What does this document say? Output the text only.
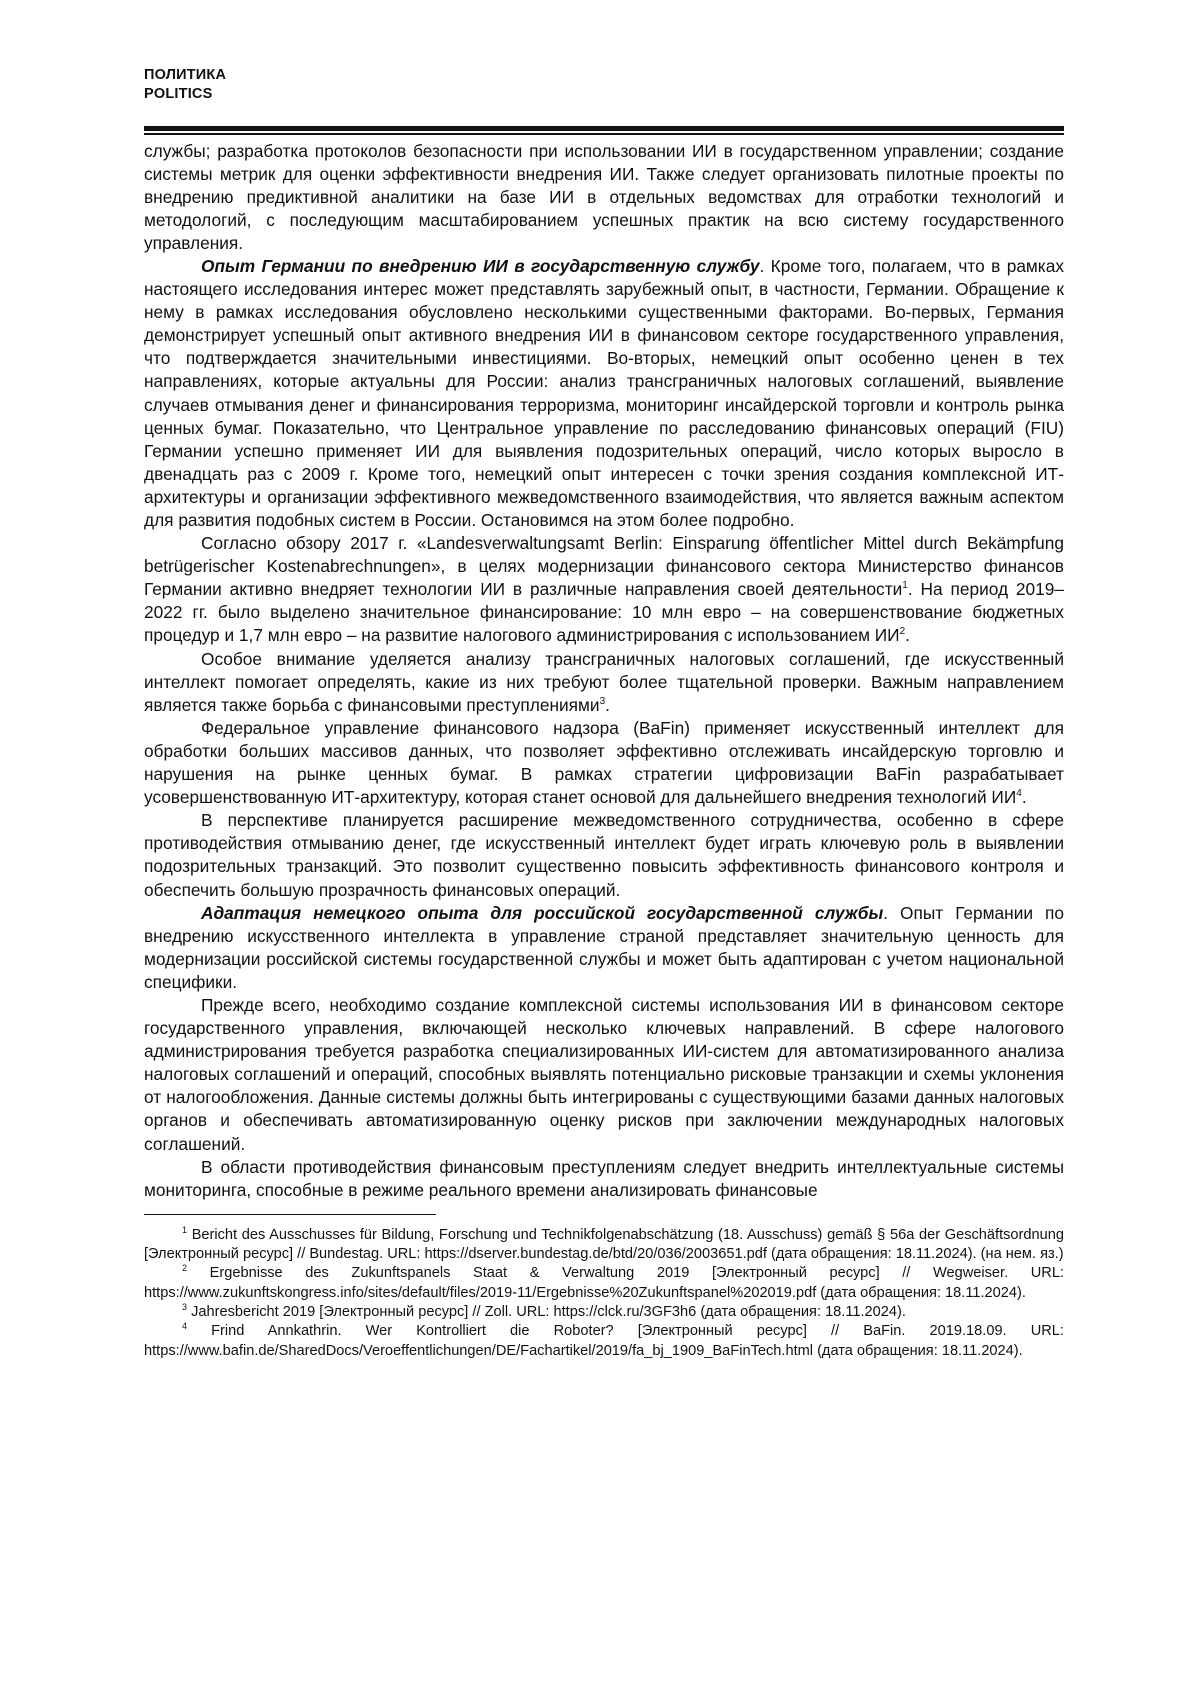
ПОЛИТИКА
POLITICS

службы; разработка протоколов безопасности при использовании ИИ в государственном управлении; создание системы метрик для оценки эффективности внедрения ИИ. Также следует организовать пилотные проекты по внедрению предиктивной аналитики на базе ИИ в отдельных ведомствах для отработки технологий и методологий, с последующим масштабированием успешных практик на всю систему государственного управления.

Опыт Германии по внедрению ИИ в государственную службу. Кроме того, полагаем, что в рамках настоящего исследования интерес может представлять зарубежный опыт, в частности, Германии. Обращение к нему в рамках исследования обусловлено несколькими существенными факторами. Во-первых, Германия демонстрирует успешный опыт активного внедрения ИИ в финансовом секторе государственного управления, что подтверждается значительными инвестициями. Во-вторых, немецкий опыт особенно ценен в тех направлениях, которые актуальны для России: анализ трансграничных налоговых соглашений, выявление случаев отмывания денег и финансирования терроризма, мониторинг инсайдерской торговли и контроль рынка ценных бумаг. Показательно, что Центральное управление по расследованию финансовых операций (FIU) Германии успешно применяет ИИ для выявления подозрительных операций, число которых выросло в двенадцать раз с 2009 г. Кроме того, немецкий опыт интересен с точки зрения создания комплексной ИТ-архитектуры и организации эффективного межведомственного взаимодействия, что является важным аспектом для развития подобных систем в России. Остановимся на этом более подробно.

Согласно обзору 2017 г. «Landesverwaltungsamt Berlin: Einsparung öffentlicher Mittel durch Bekämpfung betrügerischer Kostenabrechnungen», в целях модернизации финансового сектора Министерство финансов Германии активно внедряет технологии ИИ в различные направления своей деятельности$^1$. На период 2019–2022 гг. было выделено значительное финансирование: 10 млн евро – на совершенствование бюджетных процедур и 1,7 млн евро – на развитие налогового администрирования с использованием $ИИ^2$.

Особое внимание уделяется анализу трансграничных налоговых соглашений, где искусственный интеллект помогает определять, какие из них требуют более тщательной проверки. Важным направлением является также борьба с финансовыми преступлениями$^3$.

Федеральное управление финансового надзора (BaFin) применяет искусственный интеллект для обработки больших массивов данных, что позволяет эффективно отслеживать инсайдерскую торговлю и нарушения на рынке ценных бумаг. В рамках стратегии цифровизации BaFin разрабатывает усовершенствованную ИТ-архитектуру, которая станет основой для дальнейшего внедрения технологий $ИИ^4$.

В перспективе планируется расширение межведомственного сотрудничества, особенно в сфере противодействия отмыванию денег, где искусственный интеллект будет играть ключевую роль в выявлении подозрительных транзакций. Это позволит существенно повысить эффективность финансового контроля и обеспечить большую прозрачность финансовых операций.

Адаптация немецкого опыта для российской государственной службы. Опыт Германии по внедрению искусственного интеллекта в управление страной представляет значительную ценность для модернизации российской системы государственной службы и может быть адаптирован с учетом национальной специфики.

Прежде всего, необходимо создание комплексной системы использования ИИ в финансовом секторе государственного управления, включающей несколько ключевых направлений. В сфере налогового администрирования требуется разработка специализированных ИИ-систем для автоматизированного анализа налоговых соглашений и операций, способных выявлять потенциально рисковые транзакции и схемы уклонения от налогообложения. Данные системы должны быть интегрированы с существующими базами данных налоговых органов и обеспечивать автоматизированную оценку рисков при заключении международных налоговых соглашений.

В области противодействия финансовым преступлениям следует внедрить интеллектуальные системы мониторинга, способные в режиме реального времени анализировать финансовые

$^1$ Bericht des Ausschusses für Bildung, Forschung und Technikfolgenabschätzung (18. Ausschuss) gemäß § 56a der Geschäftsordnung [Электронный ресурс] // Bundestag. URL: https://dserver.bundestag.de/btd/20/036/2003651.pdf (дата обращения: 18.11.2024). (на нем. яз.)

$^2$ Ergebnisse des Zukunftspanels Staat & Verwaltung 2019 [Электронный ресурс] // Wegweiser. URL: https://www.zukunftskongress.info/sites/default/files/2019-11/Ergebnisse%20Zukunftspanel%202019.pdf (дата обращения: 18.11.2024).

$^3$ Jahresbericht 2019 [Электронный ресурс] // Zoll. URL: https://clck.ru/3GF3h6 (дата обращения: 18.11.2024).

$^4$ Frind Annkathrin. Wer Kontrolliert die Roboter? [Электронный ресурс] // BaFin. 2019.18.09. URL: https://www.bafin.de/SharedDocs/Veroeffentlichungen/DE/Fachartikel/2019/fa_bj_1909_BaFinTech.html (дата обращения: 18.11.2024).
